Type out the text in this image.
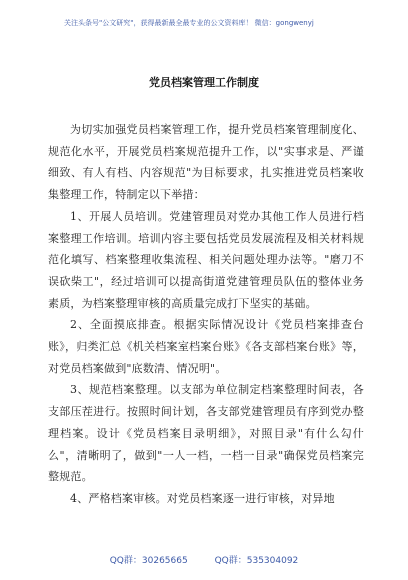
关注头条号"公文研究"，获得最新最全最专业的公文资料库！ 微信：gongwenyj
党员档案管理工作制度

为切实加强党员档案管理工作，提升党员档案管理制度化、规范化水平，开展党员档案规范提升工作，以"实事求是、严谨细致、有人有档、内容规范"为目标要求，扎实推进党员档案收集整理工作，特制定以下举措：

1、开展人员培训。党建管理员对党办其他工作人员进行档案整理工作培训。培训内容主要包括党员发展流程及相关材料规范化填写、档案整理收集流程、相关问题处理办法等。"磨刀不误砍柴工"，经过培训可以提高街道党建管理员队伍的整体业务素质，为档案整理审核的高质量完成打下坚实的基础。

2、全面摸底排查。根据实际情况设计《党员档案排查台账》，归类汇总《机关档案室档案台账》《各支部档案台账》等，对党员档案做到"底数清、情况明"。

3、规范档案整理。以支部为单位制定档案整理时间表，各支部压茬进行。按照时间计划，各支部党建管理员有序到党办整理档案。设计《党员档案目录明细》，对照目录"有什么勾什么"，清晰明了，做到"一人一档，一档一目录"确保党员档案完整规范。

4、严格档案审核。对党员档案逐一进行审核，对异地

QQ群：30265665	QQ群：535304092
